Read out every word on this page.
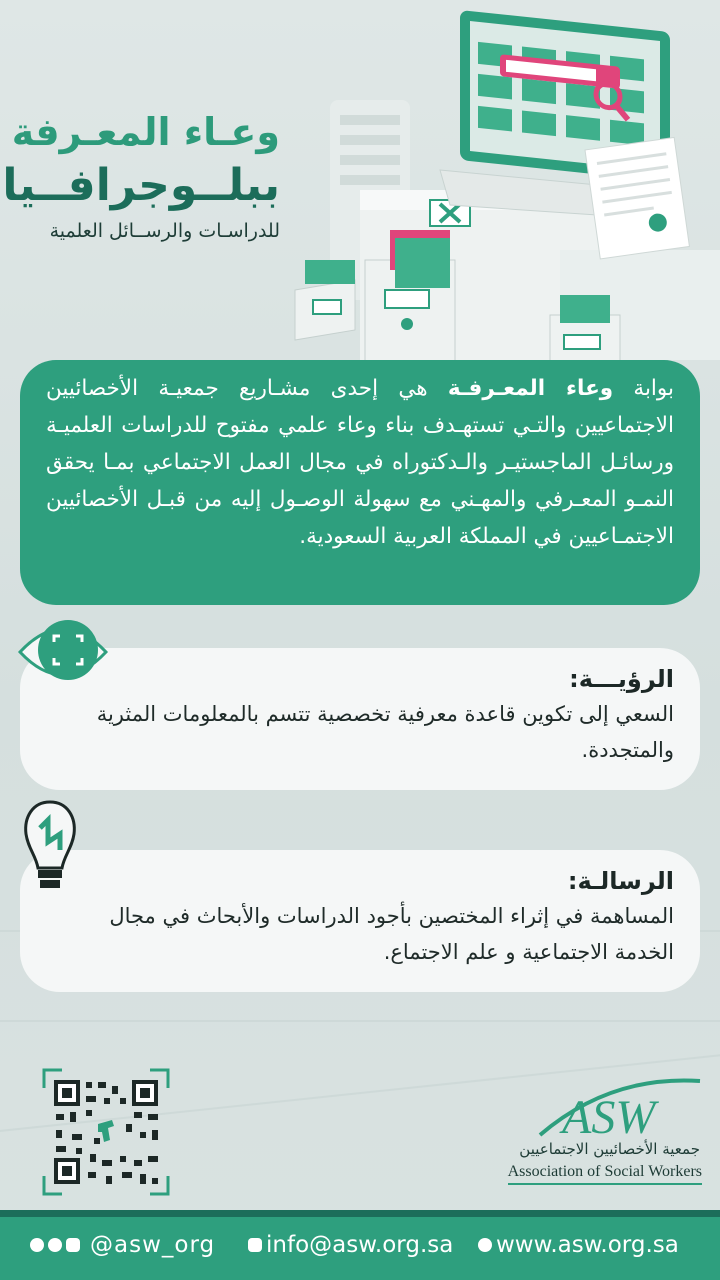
وعـاء المعـرفة
ببلــوجرافــيا
للدراسـات والرســائل العلمية
بوابة وعاء المعـرفـة هي إحدى مشـاريع جمعيـة الأخصائيين الاجتماعيين والتـي تستهـدف بناء وعاء علمي مفتوح للدراسات العلميـة ورسائـل الماجستيـر والـدكتوراه في مجال العمل الاجتماعي بمـا يحقق النمـو المعـرفي والمهـني مع سهولة الوصـول إليه من قبـل الأخصائيين الاجتمـاعيين في المملكة العربية السعودية.
الرؤيـــة:
السعي إلى تكوين قاعدة معرفية تخصصية تتسم بالمعلومات المثرية والمتجددة.
الرسالـة:
المساهمة في إثراء المختصين بأجود الدراسات والأبحاث في مجال الخدمة الاجتماعية و علم الاجتماع.
ASW
جمعية الأخصائيين الاجتماعيين
Association of Social Workers
@asw_org info@asw.org.sa www.asw.org.sa
